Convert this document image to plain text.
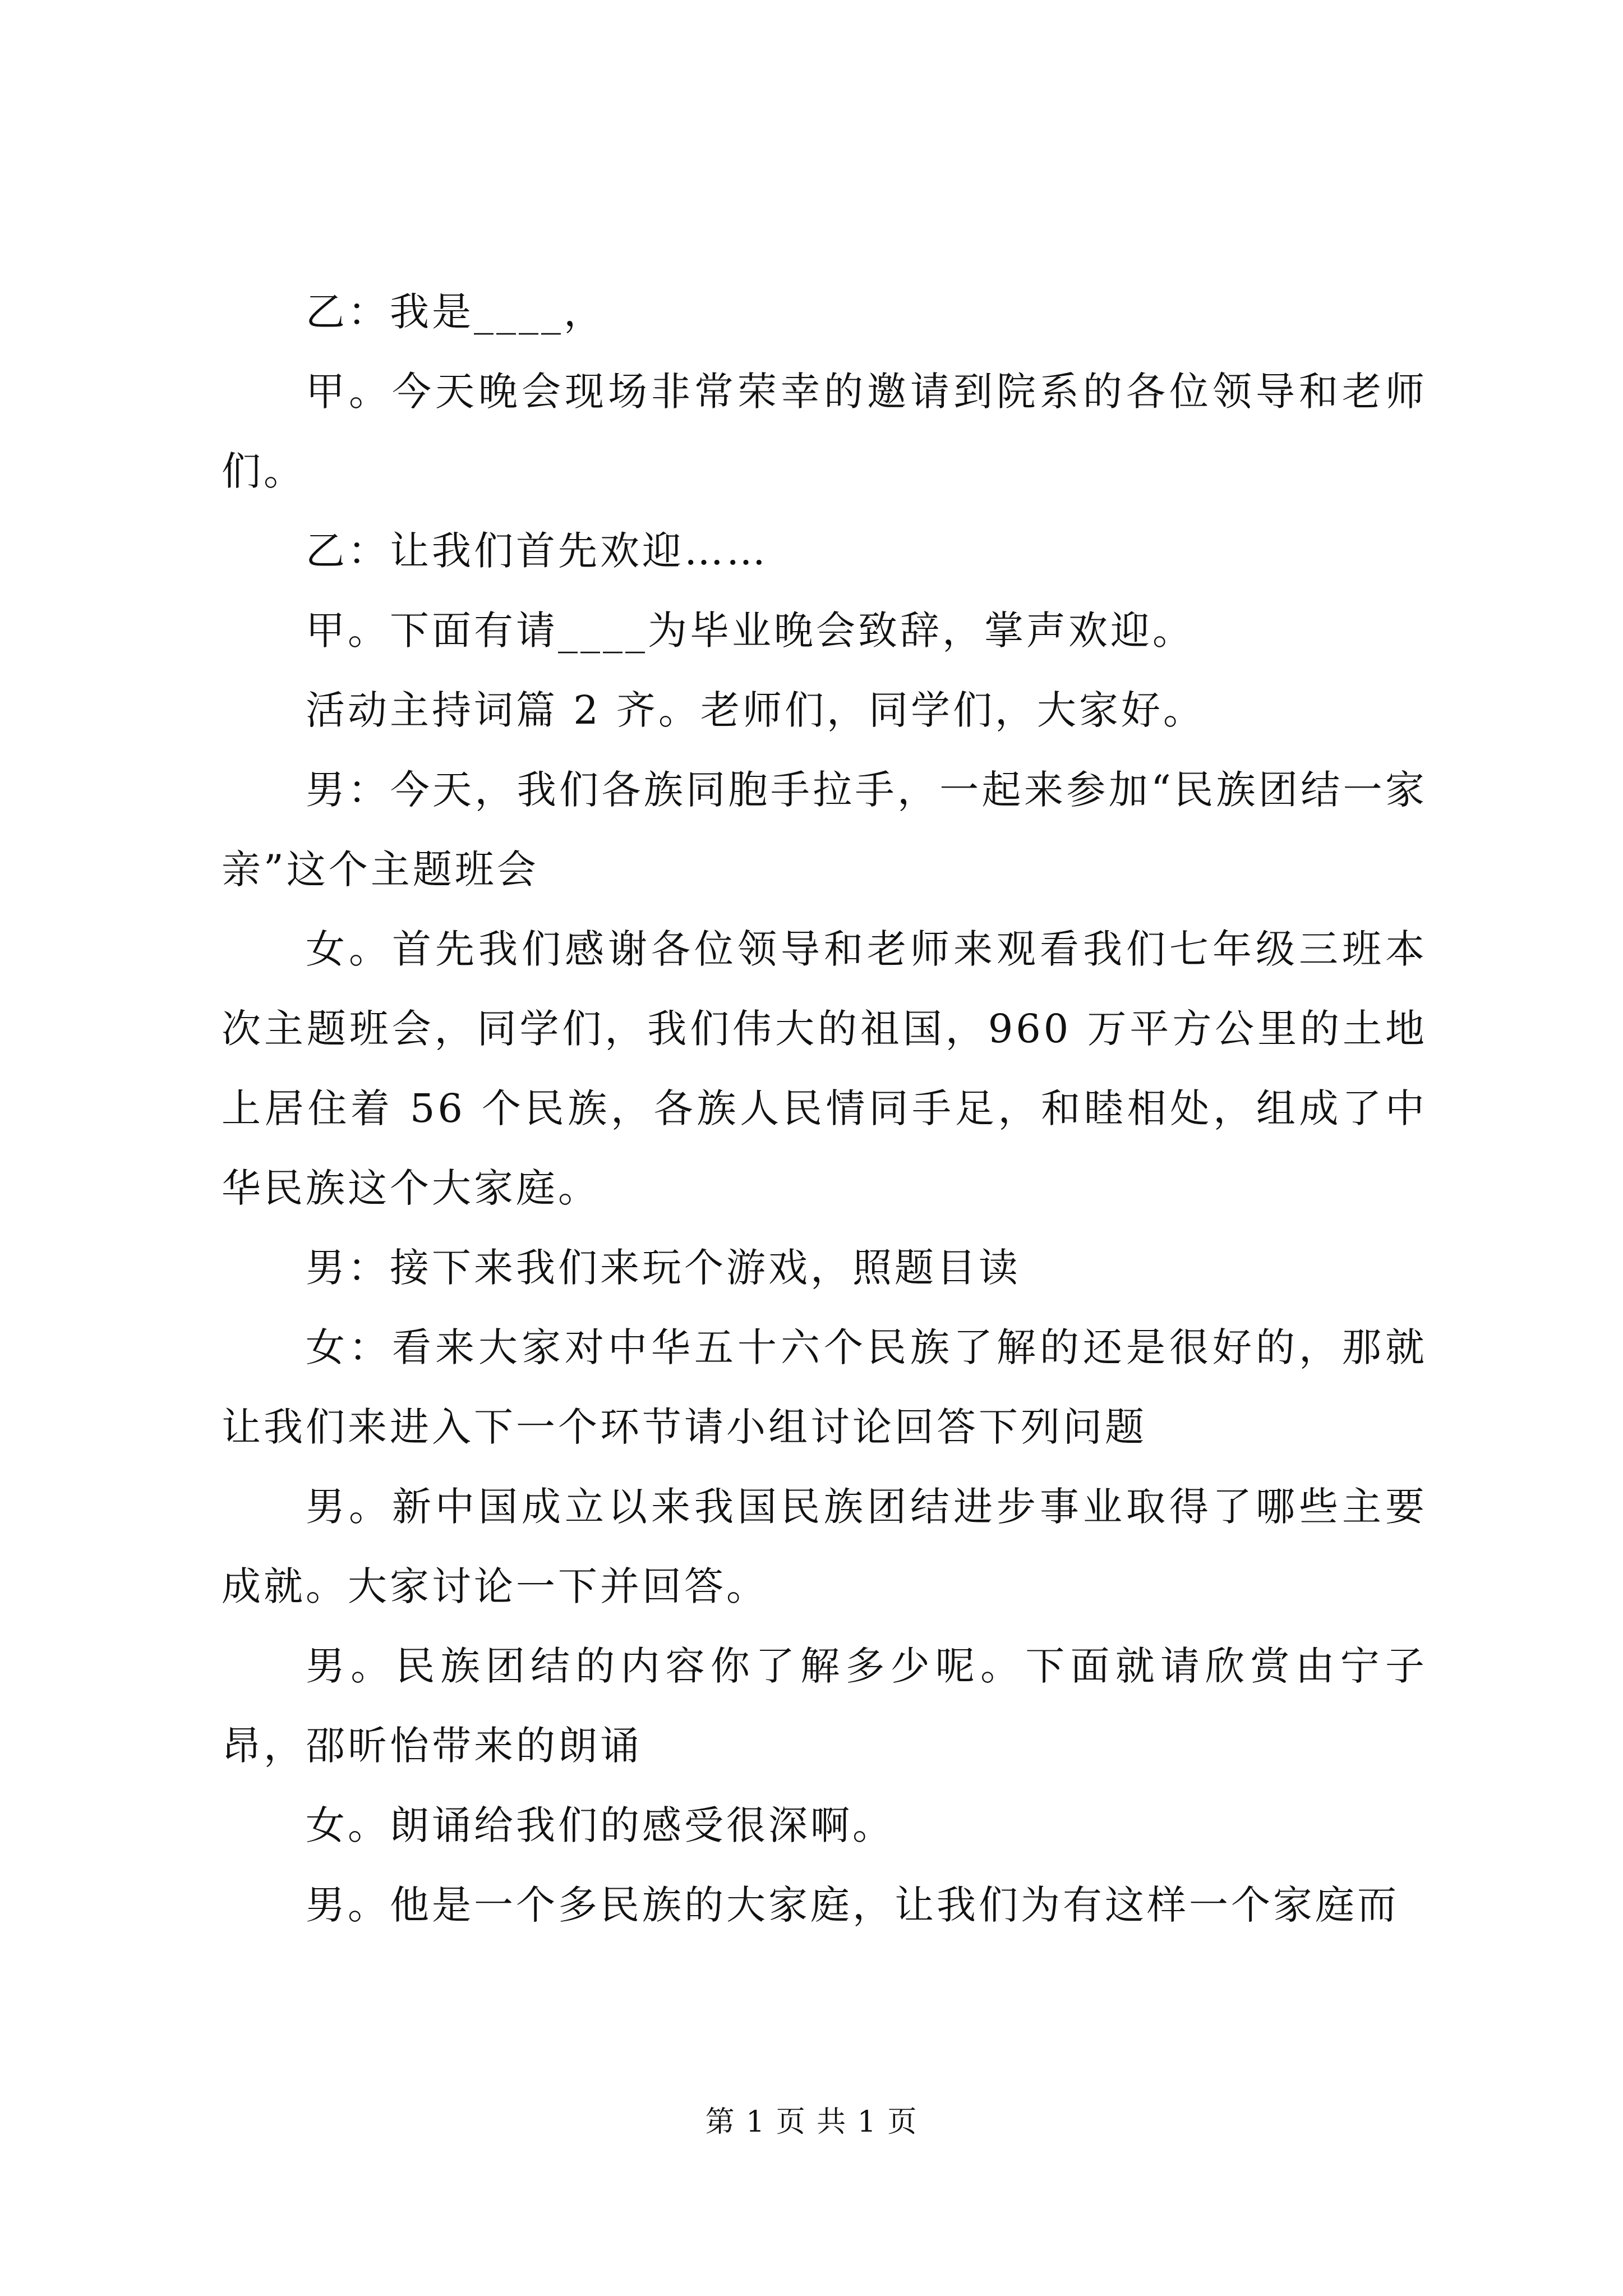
乙：我是____，

甲。今天晚会现场非常荣幸的邀请到院系的各位领导和老师们。

乙：让我们首先欢迎……

甲。下面有请____为毕业晚会致辞，掌声欢迎。

活动主持词篇 2 齐。老师们，同学们，大家好。

男：今天，我们各族同胞手拉手，一起来参加“民族团结一家亲”这个主题班会

女。首先我们感谢各位领导和老师来观看我们七年级三班本次主题班会，同学们，我们伟大的祖国，960 万平方公里的土地上居住着 56 个民族，各族人民情同手足，和睦相处，组成了中华民族这个大家庭。

男：接下来我们来玩个游戏，照题目读

女：看来大家对中华五十六个民族了解的还是很好的，那就让我们来进入下一个环节请小组讨论回答下列问题

男。新中国成立以来我国民族团结进步事业取得了哪些主要成就。大家讨论一下并回答。

男。民族团结的内容你了解多少呢。下面就请欣赏由宁子昂，邵昕怡带来的朗诵

女。朗诵给我们的感受很深啊。

男。他是一个多民族的大家庭，让我们为有这样一个家庭而

第 1 页 共 1 页
